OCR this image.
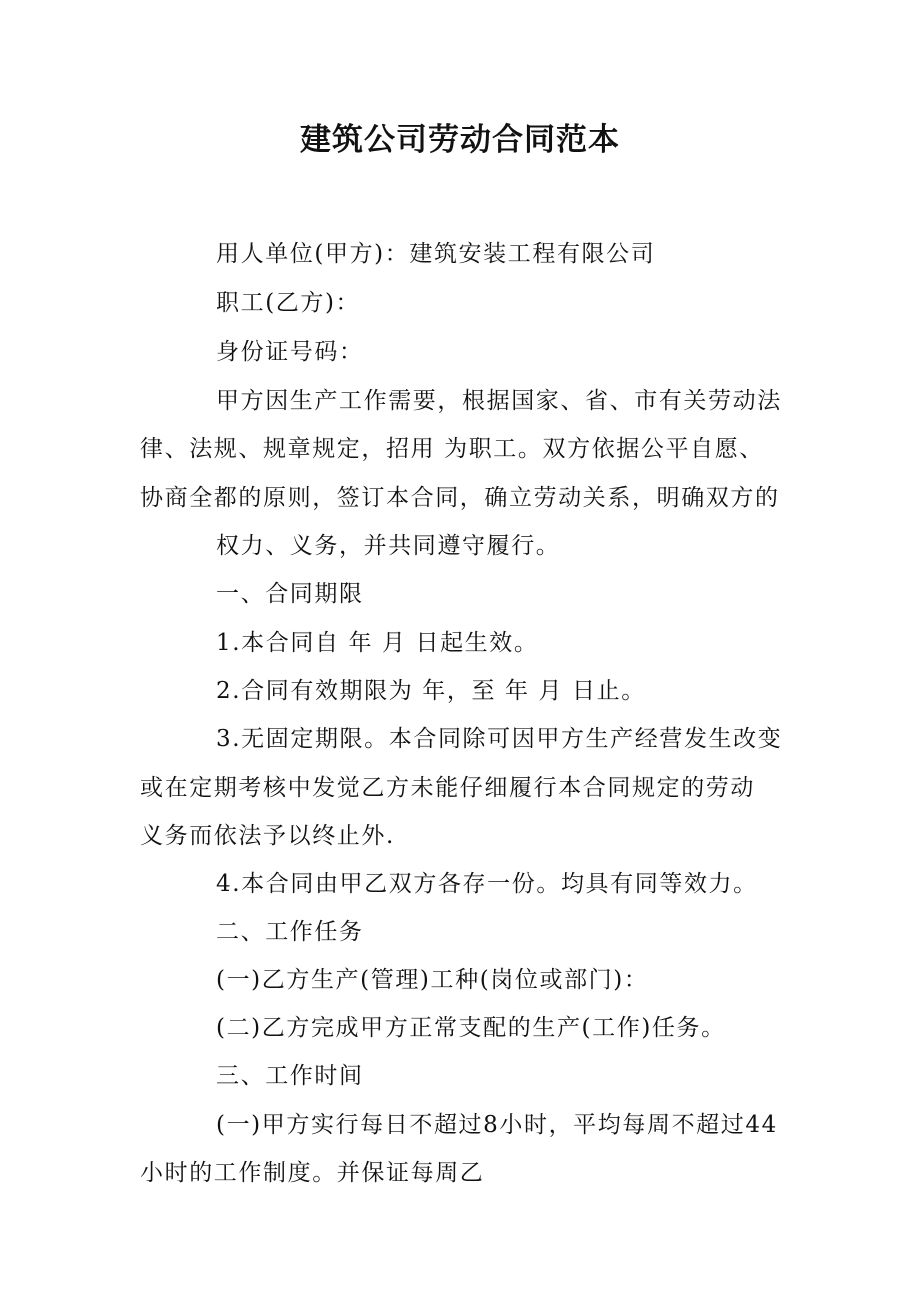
建筑公司劳动合同范本
用人单位(甲方)：建筑安装工程有限公司
职工(乙方)：
身份证号码：
甲方因生产工作需要，根据国家、省、市有关劳动法
律、法规、规章规定，招用 为职工。双方依据公平自愿、
协商全都的原则，签订本合同，确立劳动关系，明确双方的
权力、义务，并共同遵守履行。
一、合同期限
1.本合同自 年 月 日起生效。
2.合同有效期限为 年，至 年 月 日止。
3.无固定期限。本合同除可因甲方生产经营发生改变
或在定期考核中发觉乙方未能仔细履行本合同规定的劳动
义务而依法予以终止外.
4.本合同由甲乙双方各存一份。均具有同等效力。
二、工作任务
(一)乙方生产(管理)工种(岗位或部门)：
(二)乙方完成甲方正常支配的生产(工作)任务。
三、工作时间
(一)甲方实行每日不超过8小时，平均每周不超过44
小时的工作制度。并保证每周乙
